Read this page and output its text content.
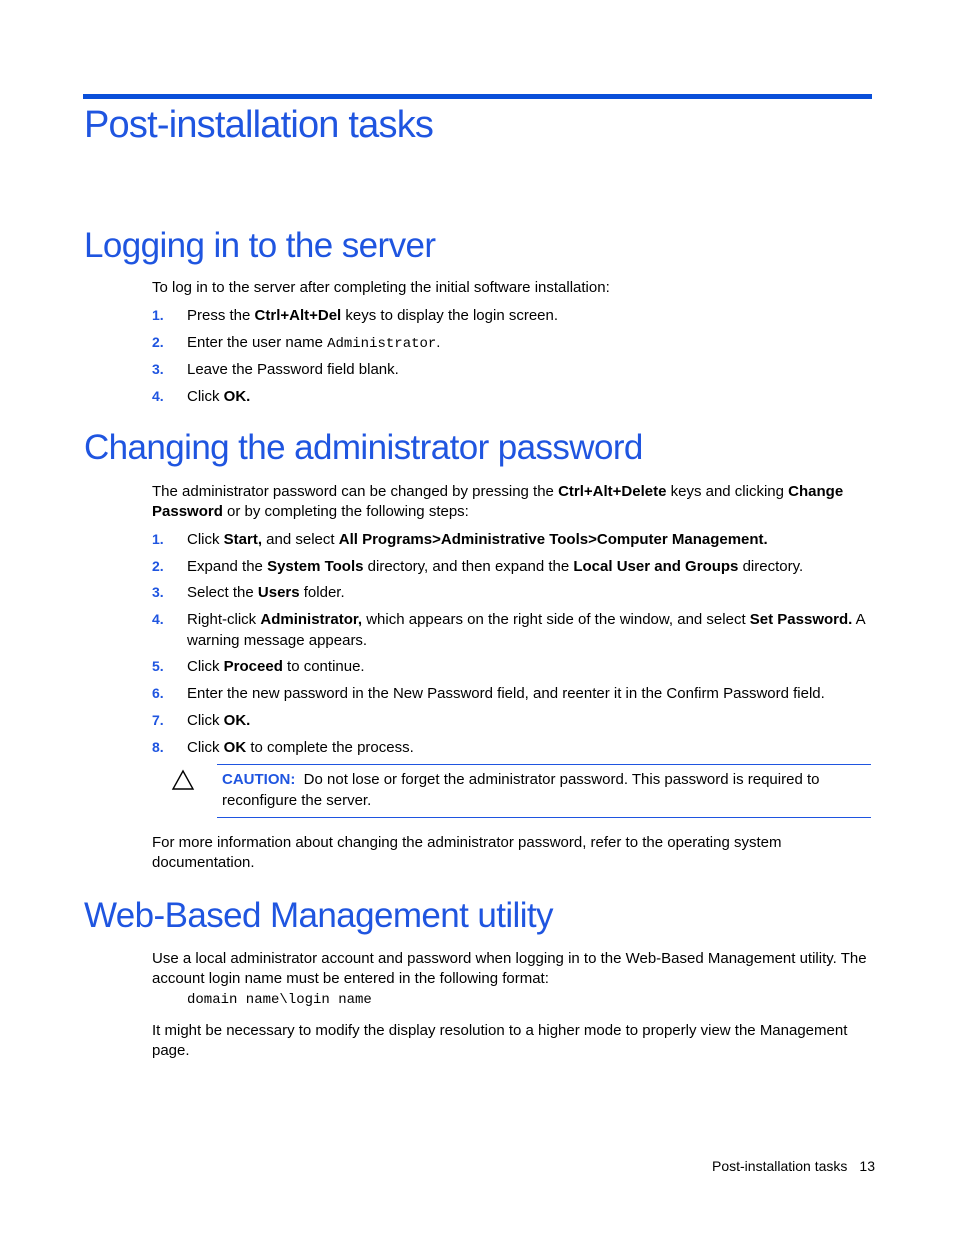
Post-installation tasks
Logging in to the server

To log in to the server after completing the initial software installation:

1. Press the Ctrl+Alt+Del keys to display the login screen.
2. Enter the user name Administrator.
3. Leave the Password field blank.
4. Click OK.
Changing the administrator password

The administrator password can be changed by pressing the Ctrl+Alt+Delete keys and clicking Change Password or by completing the following steps:

1. Click Start, and select All Programs>Administrative Tools>Computer Management.
2. Expand the System Tools directory, and then expand the Local User and Groups directory.
3. Select the Users folder.
4. Right-click Administrator, which appears on the right side of the window, and select Set Password. A warning message appears.
5. Click Proceed to continue.
6. Enter the new password in the New Password field, and reenter it in the Confirm Password field.
7. Click OK.
8. Click OK to complete the process.

CAUTION:  Do not lose or forget the administrator password. This password is required to reconfigure the server.

For more information about changing the administrator password, refer to the operating system documentation.

Web-Based Management utility

Use a local administrator account and password when logging in to the Web-Based Management utility. The account login name must be entered in the following format:

domain name\login name

It might be necessary to modify the display resolution to a higher mode to properly view the Management page.

Post-installation tasks 13
